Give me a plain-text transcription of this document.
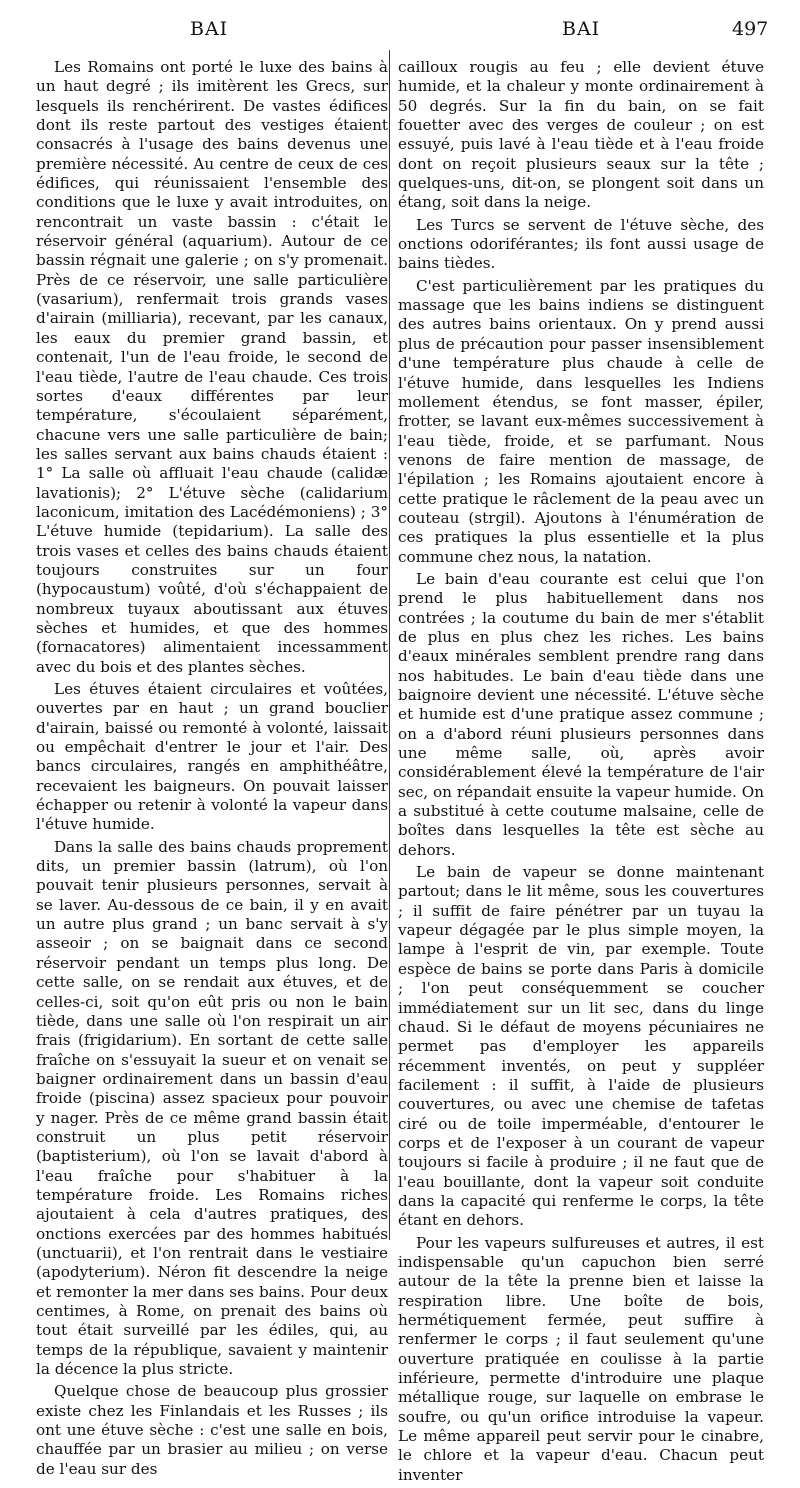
BAI	BAI	497

Les Romains ont porté le luxe des bains à un haut degré ; ils imitèrent les Grecs, sur lesquels ils renchérirent. De vastes édifices dont ils reste partout des vestiges étaient consacrés à l'usage des bains devenus une première nécessité. Au centre de ceux de ces édifices, qui réunissaient l'ensemble des conditions que le luxe y avait introduites, on rencontrait un vaste bassin : c'était le réservoir général (aquarium). Autour de ce bassin régnait une galerie ; on s'y promenait. Près de ce réservoir, une salle particulière (vasarium), renfermait trois grands vases d'airain (milliaria), recevant, par les canaux, les eaux du premier grand bassin, et contenait, l'un de l'eau froide, le second de l'eau tiède, l'autre de l'eau chaude. Ces trois sortes d'eaux différentes par leur température, s'écoulaient séparément, chacune vers une salle particulière de bain; les salles servant aux bains chauds étaient : 1° La salle où affluait l'eau chaude (calidæ lavationis); 2° L'étuve sèche (calidarium laconicum, imitation des Lacédémoniens) ; 3° L'étuve humide (tepidarium). La salle des trois vases et celles des bains chauds étaient toujours construites sur un four (hypocaustum) voûté, d'où s'échappaient de nombreux tuyaux aboutissant aux étuves sèches et humides, et que des hommes (fornacatores) alimentaient incessamment avec du bois et des plantes sèches.

Les étuves étaient circulaires et voûtées, ouvertes par en haut ; un grand bouclier d'airain, baissé ou remonté à volonté, laissait ou empêchait d'entrer le jour et l'air. Des bancs circulaires, rangés en amphithéâtre, recevaient les baigneurs. On pouvait laisser échapper ou retenir à volonté la vapeur dans l'étuve humide.

Dans la salle des bains chauds proprement dits, un premier bassin (latrum), où l'on pouvait tenir plusieurs personnes, servait à se laver. Au-dessous de ce bain, il y en avait un autre plus grand ; un banc servait à s'y asseoir ; on se baignait dans ce second réservoir pendant un temps plus long. De cette salle, on se rendait aux étuves, et de celles-ci, soit qu'on eût pris ou non le bain tiède, dans une salle où l'on respirait un air frais (frigidarium). En sortant de cette salle fraîche on s'essuyait la sueur et on venait se baigner ordinairement dans un bassin d'eau froide (piscina) assez spacieux pour pouvoir y nager. Près de ce même grand bassin était construit un plus petit réservoir (baptisterium), où l'on se lavait d'abord à l'eau fraîche pour s'habituer à la température froide. Les Romains riches ajoutaient à cela d'autres pratiques, des onctions exercées par des hommes habitués (unctuarii), et l'on rentrait dans le vestiaire (apodyterium). Néron fit descendre la neige et remonter la mer dans ses bains. Pour deux centimes, à Rome, on prenait des bains où tout était surveillé par les édiles, qui, au temps de la république, savaient y maintenir la décence la plus stricte.

Quelque chose de beaucoup plus grossier existe chez les Finlandais et les Russes ; ils ont une étuve sèche : c'est une salle en bois, chauffée par un brasier au milieu ; on verse de l'eau sur des

cailloux rougis au feu ; elle devient étuve humide, et la chaleur y monte ordinairement à 50 degrés. Sur la fin du bain, on se fait fouetter avec des verges de couleur ; on est essuyé, puis lavé à l'eau tiède et à l'eau froide dont on reçoit plusieurs seaux sur la tête ; quelques-uns, dit-on, se plongent soit dans un étang, soit dans la neige.

Les Turcs se servent de l'étuve sèche, des onctions odoriférantes; ils font aussi usage de bains tièdes.

C'est particulièrement par les pratiques du massage que les bains indiens se distinguent des autres bains orientaux. On y prend aussi plus de précaution pour passer insensiblement d'une température plus chaude à celle de l'étuve humide, dans lesquelles les Indiens mollement étendus, se font masser, épiler, frotter, se lavant eux-mêmes successivement à l'eau tiède, froide, et se parfumant. Nous venons de faire mention de massage, de l'épilation ; les Romains ajoutaient encore à cette pratique le râclement de la peau avec un couteau (strgil). Ajoutons à l'énumération de ces pratiques la plus essentielle et la plus commune chez nous, la natation.

Le bain d'eau courante est celui que l'on prend le plus habituellement dans nos contrées ; la coutume du bain de mer s'établit de plus en plus chez les riches. Les bains d'eaux minérales semblent prendre rang dans nos habitudes. Le bain d'eau tiède dans une baignoire devient une nécessité. L'étuve sèche et humide est d'une pratique assez commune ; on a d'abord réuni plusieurs personnes dans une même salle, où, après avoir considérablement élevé la température de l'air sec, on répandait ensuite la vapeur humide. On a substitué à cette coutume malsaine, celle de boîtes dans lesquelles la tête est sèche au dehors.

Le bain de vapeur se donne maintenant partout; dans le lit même, sous les couvertures ; il suffit de faire pénétrer par un tuyau la vapeur dégagée par le plus simple moyen, la lampe à l'esprit de vin, par exemple. Toute espèce de bains se porte dans Paris à domicile ; l'on peut conséquemment se coucher immédiatement sur un lit sec, dans du linge chaud. Si le défaut de moyens pécuniaires ne permet pas d'employer les appareils récemment inventés, on peut y suppléer facilement : il suffit, à l'aide de plusieurs couvertures, ou avec une chemise de tafetas ciré ou de toile imperméable, d'entourer le corps et de l'exposer à un courant de vapeur toujours si facile à produire ; il ne faut que de l'eau bouillante, dont la vapeur soit conduite dans la capacité qui renferme le corps, la tête étant en dehors.

Pour les vapeurs sulfureuses et autres, il est indispensable qu'un capuchon bien serré autour de la tête la prenne bien et laisse la respiration libre. Une boîte de bois, hermétiquement fermée, peut suffire à renfermer le corps ; il faut seulement qu'une ouverture pratiquée en coulisse à la partie inférieure, permette d'introduire une plaque métallique rouge, sur laquelle on embrase le soufre, ou qu'un orifice introduise la vapeur. Le même appareil peut servir pour le cinabre, le chlore et la vapeur d'eau. Chacun peut inventer
